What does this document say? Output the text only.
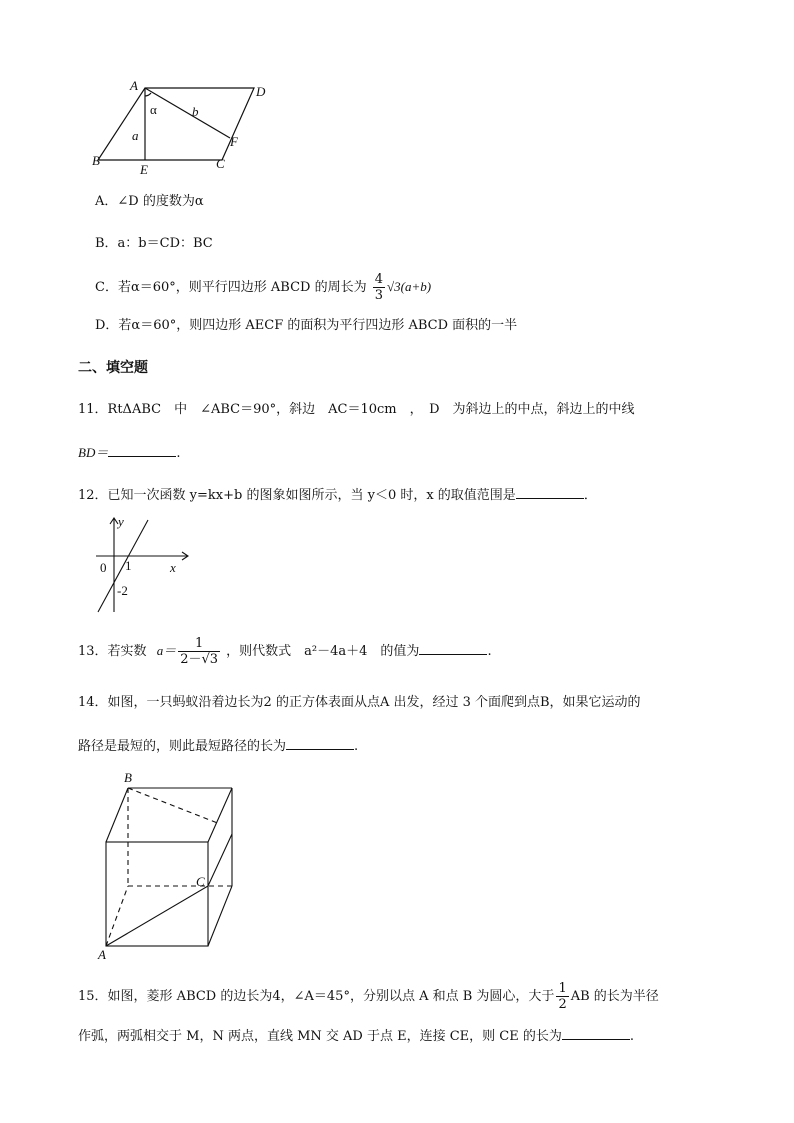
A	D
B
E	C
F
a
b
α
A．∠D 的度数为α
B．a：b＝CD：BC
C．若α＝60°，则平行四边形 ABCD 的周长为 $\frac{4}{3} √3(a+b)$
D．若α＝60°，则四边形 AECF 的面积为平行四边形 ABCD 面积的一半
二、填空题
11．RtΔABC　中　∠ABC＝90°，斜边　AC＝10cm　，　D　为斜边上的中点，斜边上的中线
BD＝	.
12．已知一次函数 y=kx+b 的图象如图所示，当 y＜0 时，x 的取值范围是	．
y
x
0 1
-2
13．若实数 $a= \frac{1}{2-√3}$ ，则代数式　a²－4a＋4　的值为	.
14．如图，一只蚂蚁沿着边长为2 的正方体表面从点A 出发，经过 3 个面爬到点B，如果它运动的
路径是最短的，则此最短路径的长为	.
B
C
A
15．如图，菱形 ABCD 的边长为4，∠A＝45°，分别以点 A 和点 B 为圆心，大于 $\frac{1}{2}$ AB 的长为半径
作弧，两弧相交于 M，N 两点，直线 MN 交 AD 于点 E，连接 CE，则 CE 的长为	.
